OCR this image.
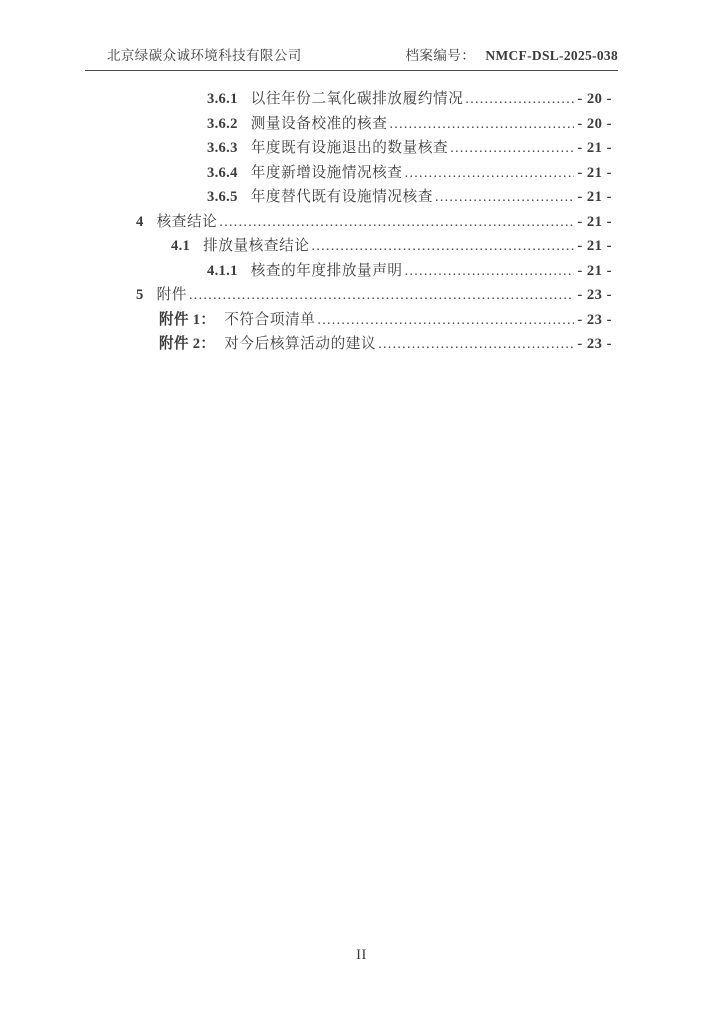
北京绿碳众诚环境科技有限公司	档案编号： NMCF-DSL-2025-038
3.6.1 以往年份二氧化碳排放履约情况 .....	- 20 -
3.6.2 测量设备校准的核查 .....	- 20 -
3.6.3 年度既有设施退出的数量核查 .....	- 21 -
3.6.4 年度新增设施情况核查 .....	- 21 -
3.6.5 年度替代既有设施情况核查 .....	- 21 -
4 核查结论 .....	- 21 -
4.1 排放量核查结论 .....	- 21 -
4.1.1 核查的年度排放量声明 .....	- 21 -
5 附件 .....	- 23 -
附件 1： 不符合项清单 .....	- 23 -
附件 2： 对今后核算活动的建议 .....	- 23 -
II
